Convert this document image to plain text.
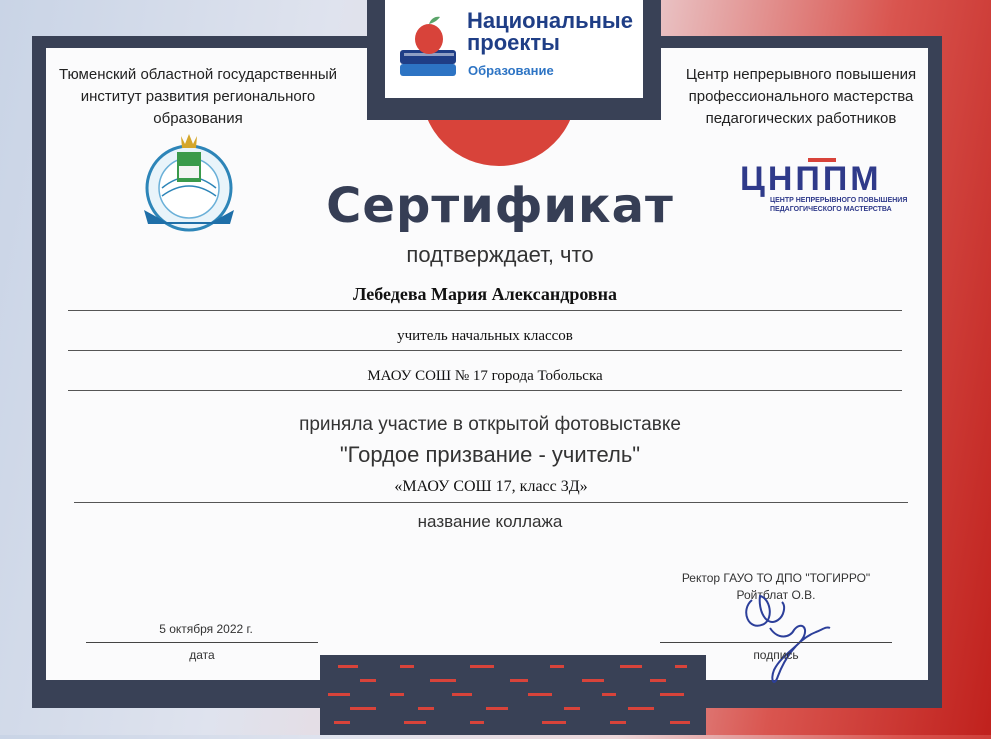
Национальные проекты
Образование
Тюменский областной государственный институт развития регионального образования
Центр непрерывного повышения профессионального мастерства педагогических работников
ЦНППМ
ЦЕНТР НЕПРЕРЫВНОГО ПОВЫШЕНИЯ ПЕДАГОГИЧЕСКОГО МАСТЕРСТВА
Сертификат
подтверждает, что
Лебедева Мария Александровна
учитель начальных классов
МАОУ СОШ № 17 города Тобольска
приняла участие в открытой фотовыставке
"Гордое призвание - учитель"
«МАОУ СОШ 17, класс 3Д»
название коллажа
5 октября 2022 г.
дата
Ректор ГАУО ТО ДПО "ТОГИРРО"
Ройтблат О.В.
подпись
